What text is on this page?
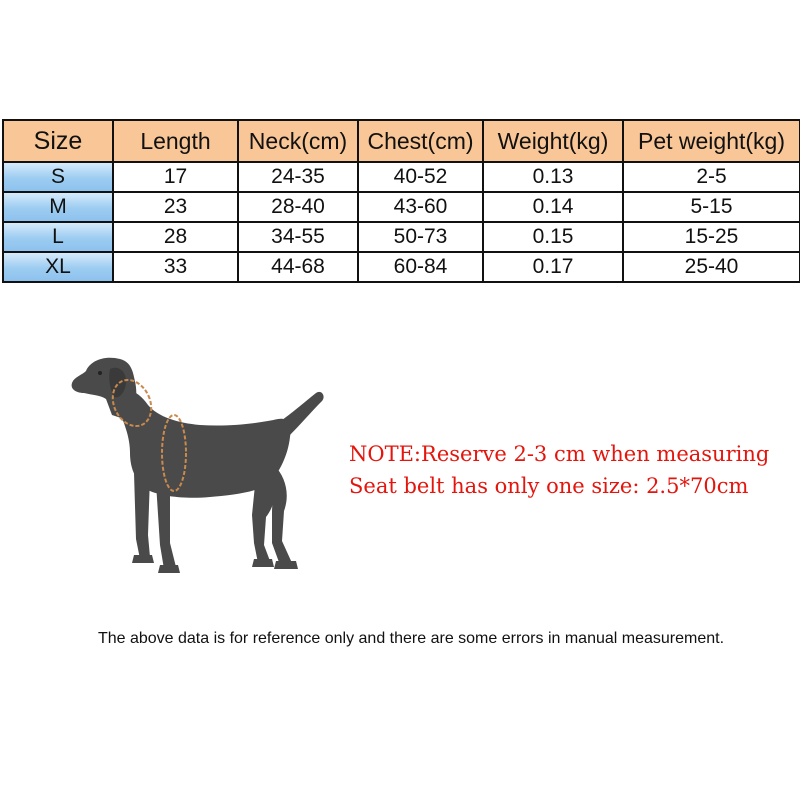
Size	Length	Neck(cm)	Chest(cm)	Weight(kg)	Pet weight(kg)
S	17	24-35	40-52	0.13	2-5
M	23	28-40	43-60	0.14	5-15
L	28	34-55	50-73	0.15	15-25
XL	33	44-68	60-84	0.17	25-40
NOTE:Reserve 2-3 cm when measuring
Seat belt has only one size: 2.5*70cm
The above data is for reference only and there are some errors in manual measurement.
